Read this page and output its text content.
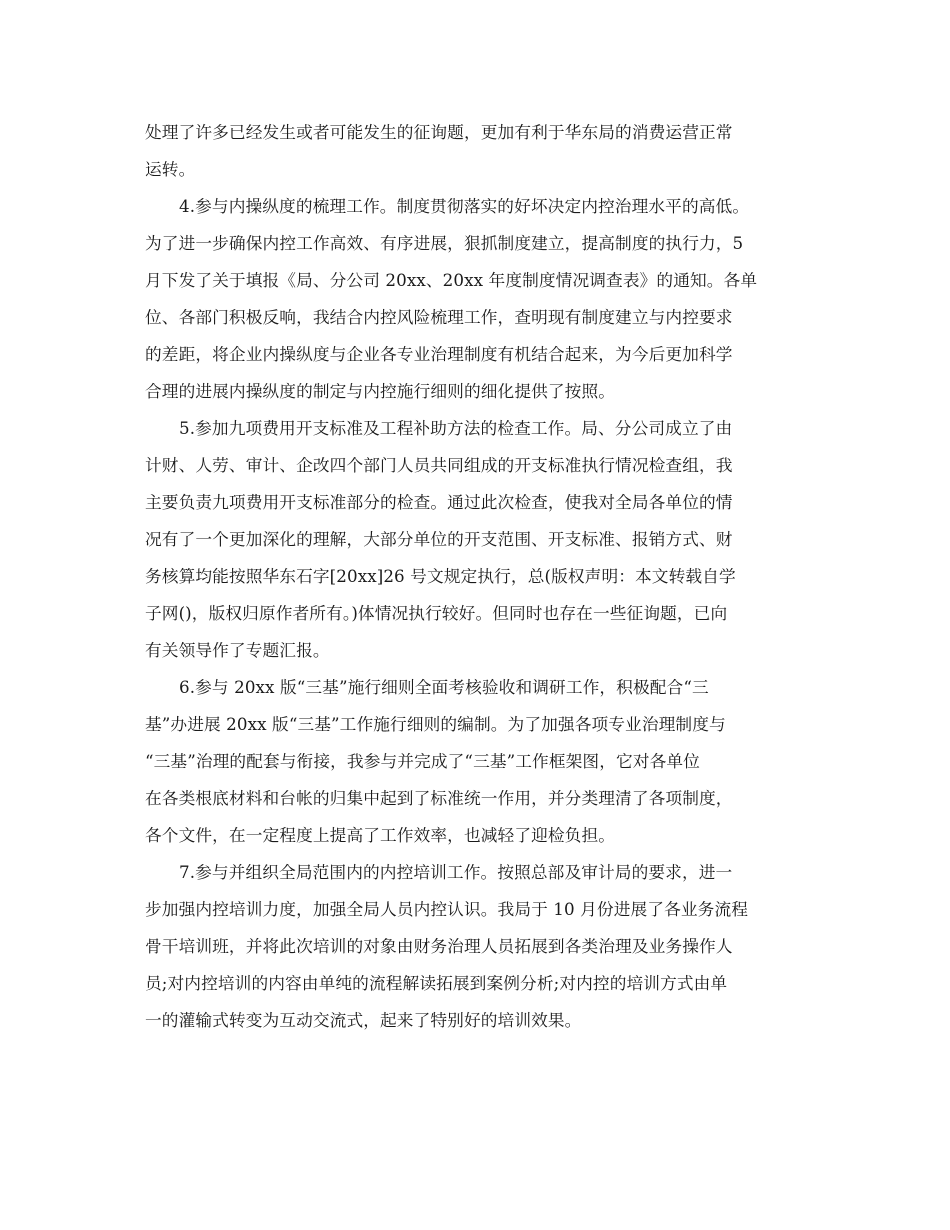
处理了许多已经发生或者可能发生的征询题，更加有利于华东局的消费运营正常
运转。
4.参与内操纵度的梳理工作。制度贯彻落实的好坏决定内控治理水平的高低。
为了进一步确保内控工作高效、有序进展，狠抓制度建立，提高制度的执行力，5
月下发了关于填报《局、分公司 20xx、20xx 年度制度情况调查表》的通知。各单
位、各部门积极反响，我结合内控风险梳理工作，查明现有制度建立与内控要求
的差距，将企业内操纵度与企业各专业治理制度有机结合起来，为今后更加科学
合理的进展内操纵度的制定与内控施行细则的细化提供了按照。
5.参加九项费用开支标准及工程补助方法的检查工作。局、分公司成立了由
计财、人劳、审计、企改四个部门人员共同组成的开支标准执行情况检查组，我
主要负责九项费用开支标准部分的检查。通过此次检查，使我对全局各单位的情
况有了一个更加深化的理解，大部分单位的开支范围、开支标准、报销方式、财
务核算均能按照华东石字[20xx]26 号文规定执行，总(版权声明：本文转载自学
子网()，版权归原作者所有。)体情况执行较好。但同时也存在一些征询题，已向
有关领导作了专题汇报。
6.参与 20xx 版“三基”施行细则全面考核验收和调研工作，积极配合“三
基”办进展 20xx 版“三基”工作施行细则的编制。为了加强各项专业治理制度与
“三基”治理的配套与衔接，我参与并完成了“三基”工作框架图，它对各单位
在各类根底材料和台帐的归集中起到了标准统一作用，并分类理清了各项制度，
各个文件，在一定程度上提高了工作效率，也减轻了迎检负担。
7.参与并组织全局范围内的内控培训工作。按照总部及审计局的要求，进一
步加强内控培训力度，加强全局人员内控认识。我局于 10 月份进展了各业务流程
骨干培训班，并将此次培训的对象由财务治理人员拓展到各类治理及业务操作人
员;对内控培训的内容由单纯的流程解读拓展到案例分析;对内控的培训方式由单
一的灌输式转变为互动交流式，起来了特别好的培训效果。
